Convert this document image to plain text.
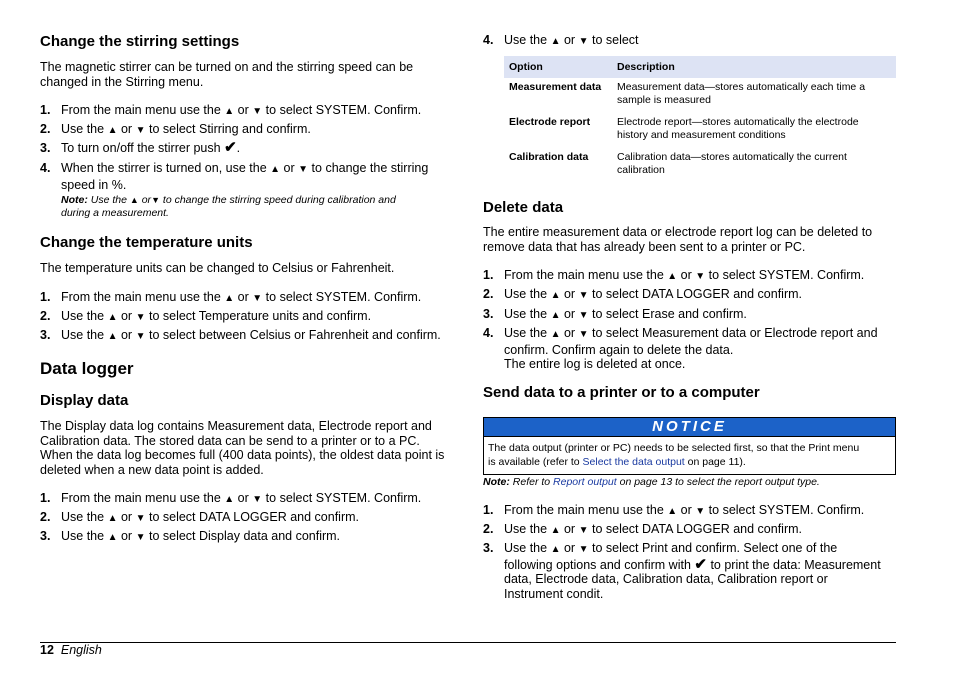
Change the stirring settings

The magnetic stirrer can be turned on and the stirring speed can be changed in the Stirring menu.

1. From the main menu use the ▲ or ▼ to select SYSTEM. Confirm.
2. Use the ▲ or ▼ to select Stirring and confirm.
3. To turn on/off the stirrer push ✔.
4. When the stirrer is turned on, use the ▲ or ▼ to change the stirring
speed in %.
Note: Use the ▲ or▼ to change the stirring speed during calibration and
during a measurement.
Change the temperature units

The temperature units can be changed to Celsius or Fahrenheit.

1. From the main menu use the ▲ or ▼ to select SYSTEM. Confirm.
2. Use the ▲ or ▼ to select Temperature units and confirm.
3. Use the ▲ or ▼ to select between Celsius or Fahrenheit and confirm.
Data logger
Display data

The Display data log contains Measurement data, Electrode report and Calibration data. The stored data can be send to a printer or to a PC. When the data log becomes full (400 data points), the oldest data point is deleted when a new data point is added.

1. From the main menu use the ▲ or ▼ to select SYSTEM. Confirm.
2. Use the ▲ or ▼ to select DATA LOGGER and confirm.
3. Use the ▲ or ▼ to select Display data and confirm.
4. Use the ▲ or ▼ to select
Option	Description
Measurement data	Measurement data—stores automatically each time a sample is measured
Electrode report	Electrode report—stores automatically the electrode history and measurement conditions
Calibration data	Calibration data—stores automatically the current calibration
Delete data

The entire measurement data or electrode report log can be deleted to remove data that has already been sent to a printer or PC.

1. From the main menu use the ▲ or ▼ to select SYSTEM. Confirm.
2. Use the ▲ or ▼ to select DATA LOGGER and confirm.
3. Use the ▲ or ▼ to select Erase and confirm.
4. Use the ▲ or ▼ to select Measurement data or Electrode report and
confirm. Confirm again to delete the data.
The entire log is deleted at once.
Send data to a printer or to a computer
NOTICE
The data output (printer or PC) needs to be selected first, so that the Print menu
is available (refer to Select the data output on page 11).
Note: Refer to Report output on page 13 to select the report output type.
1. From the main menu use the ▲ or ▼ to select SYSTEM. Confirm.
2. Use the ▲ or ▼ to select DATA LOGGER and confirm.
3. Use the ▲ or ▼ to select Print and confirm. Select one of the
following options and confirm with ✔ to print the data: Measurement
data, Electrode data, Calibration data, Calibration report or
Instrument condit.
12 English
